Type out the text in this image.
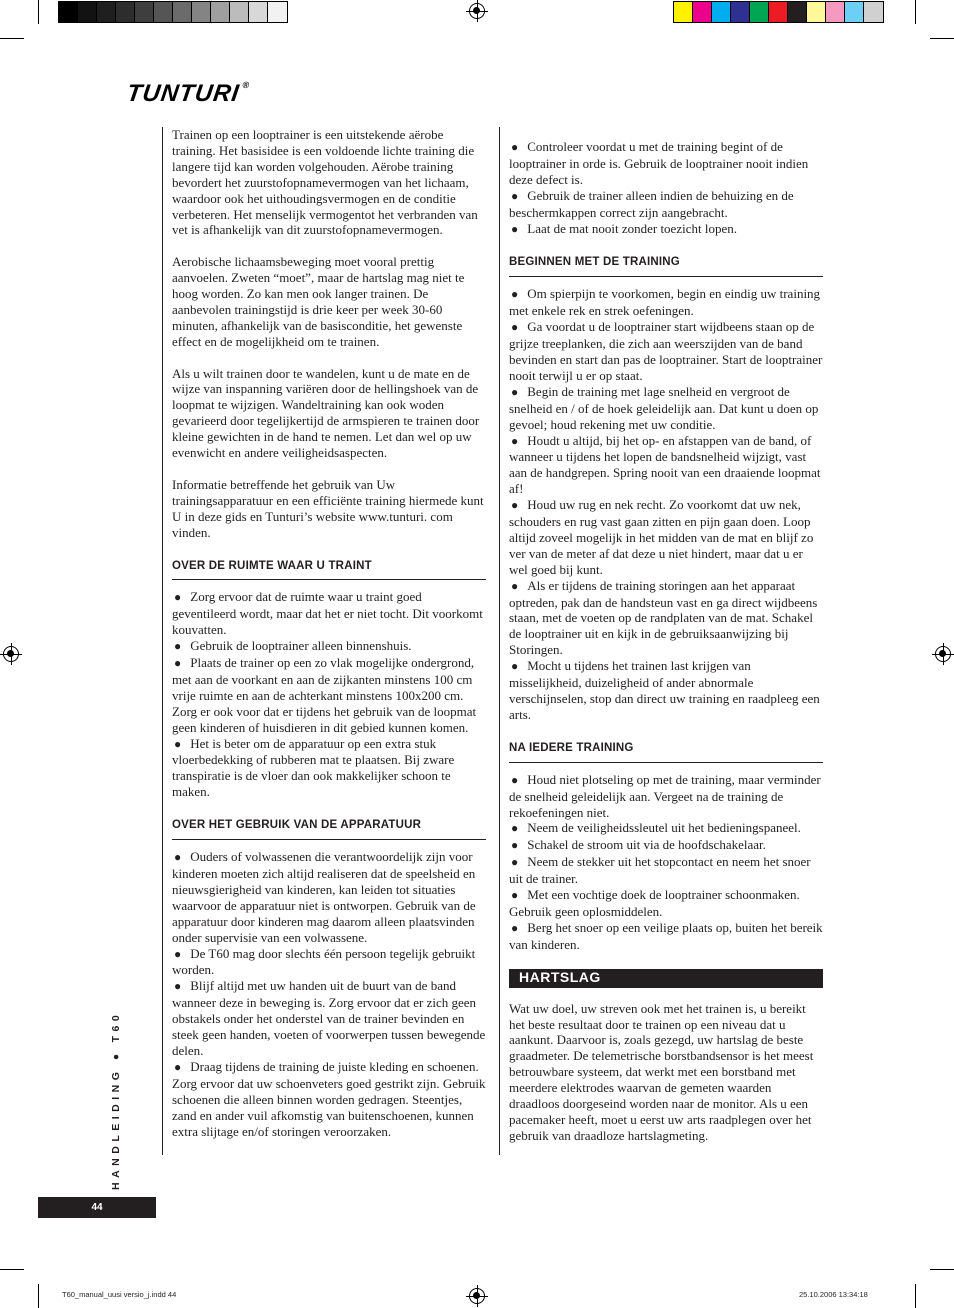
TUNTURI®

Trainen op een looptrainer is een uitstekende aërobe training. Het basisidee is een voldoende lichte training die langere tijd kan worden volgehouden. Aërobe training bevordert het zuurstofopnamevermogen van het lichaam, waardoor ook het uithoudingsvermogen en de conditie verbeteren. Het menselijk vermogentot het verbranden van vet is afhankelijk van dit zuurstofopnamevermogen.

Aerobische lichaamsbeweging moet vooral prettig aanvoelen. Zweten “moet”, maar de hartslag mag niet te hoog worden. Zo kan men ook langer trainen. De aanbevolen trainingstijd is drie keer per week 30-60 minuten, afhankelijk van de basisconditie, het gewenste effect en de mogelijkheid om te trainen.

Als u wilt trainen door te wandelen, kunt u de mate en de wijze van inspanning variëren door de hellingshoek van de loopmat te wijzigen. Wandeltraining kan ook woden gevarieerd door tegelijkertijd de armspieren te trainen door kleine gewichten in de hand te nemen. Let dan wel op uw evenwicht en andere veiligheidsaspecten.

Informatie betreffende het gebruik van Uw trainingsapparatuur en een efficiënte training hiermede kunt U in deze gids en Tunturi’s website www.tunturi. com vinden.

OVER DE RUIMTE WAAR U TRAINT

● Zorg ervoor dat de ruimte waar u traint goed geventileerd wordt, maar dat het er niet tocht. Dit voorkomt kouvatten.

● Gebruik de looptrainer alleen binnenshuis.

● Plaats de trainer op een zo vlak mogelijke ondergrond, met aan de voorkant en aan de zijkanten minstens 100 cm vrije ruimte en aan de achterkant minstens 100x200 cm. Zorg er ook voor dat er tijdens het gebruik van de loopmat geen kinderen of huisdieren in dit gebied kunnen komen.

● Het is beter om de apparatuur op een extra stuk vloerbedekking of rubberen mat te plaatsen. Bij zware transpiratie is de vloer dan ook makkelijker schoon te maken.

OVER HET GEBRUIK VAN DE APPARATUUR

● Ouders of volwassenen die verantwoordelijk zijn voor kinderen moeten zich altijd realiseren dat de speelsheid en nieuwsgierigheid van kinderen, kan leiden tot situaties waarvoor de apparatuur niet is ontworpen. Gebruik van de apparatuur door kinderen mag daarom alleen plaatsvinden onder supervisie van een volwassene.

● De T60 mag door slechts één persoon tegelijk gebruikt worden.

● Blijf altijd met uw handen uit de buurt van de band wanneer deze in beweging is. Zorg ervoor dat er zich geen obstakels onder het onderstel van de trainer bevinden en steek geen handen, voeten of voorwerpen tussen bewegende delen.

● Draag tijdens de training de juiste kleding en schoenen. Zorg ervoor dat uw schoenveters goed gestrikt zijn. Gebruik schoenen die alleen binnen worden gedragen. Steentjes, zand en ander vuil afkomstig van buitenschoenen, kunnen extra slijtage en/of storingen veroorzaken.

● Controleer voordat u met de training begint of de looptrainer in orde is. Gebruik de looptrainer nooit indien deze defect is.

● Gebruik de trainer alleen indien de behuizing en de beschermkappen correct zijn aangebracht.

● Laat de mat nooit zonder toezicht lopen.

BEGINNEN MET DE TRAINING

● Om spierpijn te voorkomen, begin en eindig uw training met enkele rek en strek oefeningen.

● Ga voordat u de looptrainer start wijdbeens staan op de grijze treeplanken, die zich aan weerszijden van de band bevinden en start dan pas de looptrainer. Start de looptrainer nooit terwijl u er op staat.

● Begin de training met lage snelheid en vergroot de snelheid en / of de hoek geleidelijk aan. Dat kunt u doen op gevoel; houd rekening met uw conditie.

● Houdt u altijd, bij het op- en afstappen van de band, of wanneer u tijdens het lopen de bandsnelheid wijzigt, vast aan de handgrepen. Spring nooit van een draaiende loopmat af!

● Houd uw rug en nek recht. Zo voorkomt dat uw nek, schouders en rug vast gaan zitten en pijn gaan doen. Loop altijd zoveel mogelijk in het midden van de mat en blijf zo ver van de meter af dat deze u niet hindert, maar dat u er wel goed bij kunt.

● Als er tijdens de training storingen aan het apparaat optreden, pak dan de handsteun vast en ga direct wijdbeens staan, met de voeten op de randplaten van de mat. Schakel de looptrainer uit en kijk in de gebruiksaanwijzing bij Storingen.

● Mocht u tijdens het trainen last krijgen van misselijkheid, duizeligheid of ander abnormale verschijnselen, stop dan direct uw training en raadpleeg een arts.

NA IEDERE TRAINING

● Houd niet plotseling op met de training, maar verminder de snelheid geleidelijk aan. Vergeet na de training de rekoefeningen niet.

● Neem de veiligheidssleutel uit het bedieningspaneel.

● Schakel de stroom uit via de hoofdschakelaar.

● Neem de stekker uit het stopcontact en neem het snoer uit de trainer.

● Met een vochtige doek de looptrainer schoonmaken. Gebruik geen oplosmiddelen.

● Berg het snoer op een veilige plaats op, buiten het bereik van kinderen.

HARTSLAG

Wat uw doel, uw streven ook met het trainen is, u bereikt het beste resultaat door te trainen op een niveau dat u aankunt. Daarvoor is, zoals gezegd, uw hartslag de beste graadmeter. De telemetrische borstbandsensor is het meest betrouwbare systeem, dat werkt met een borstband met meerdere elektrodes waarvan de gemeten waarden draadloos doorgeseind worden naar de monitor. Als u een pacemaker heeft, moet u eerst uw arts raadplegen over het gebruik van draadloze hartslagmeting.

HANDLEIDING ● T60
44
T60_manual_uusi versio_j.indd 44	25.10.2006 13:34:18
